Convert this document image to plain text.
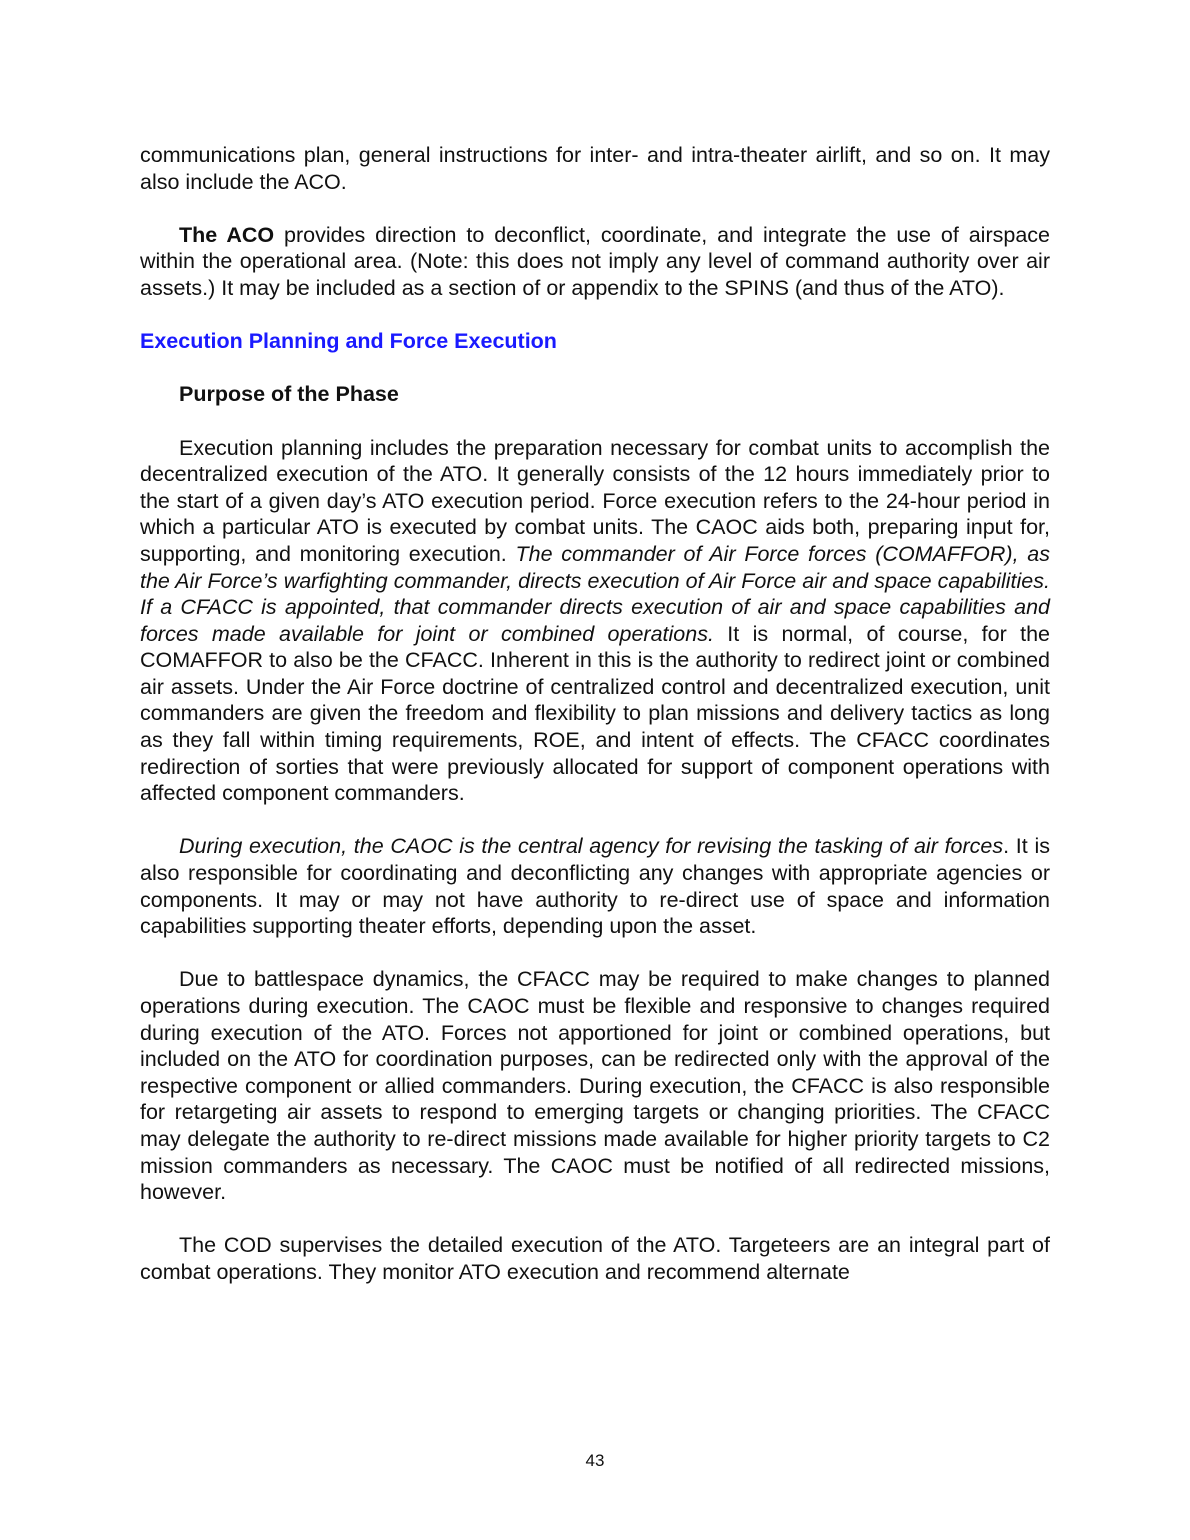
communications plan, general instructions for inter- and intra-theater airlift, and so on. It may also include the ACO.

The ACO provides direction to deconflict, coordinate, and integrate the use of airspace within the operational area. (Note: this does not imply any level of command authority over air assets.) It may be included as a section of or appendix to the SPINS (and thus of the ATO).

Execution Planning and Force Execution
Purpose of the Phase

Execution planning includes the preparation necessary for combat units to accomplish the decentralized execution of the ATO. It generally consists of the 12 hours immediately prior to the start of a given day’s ATO execution period. Force execution refers to the 24-hour period in which a particular ATO is executed by combat units. The CAOC aids both, preparing input for, supporting, and monitoring execution. The commander of Air Force forces (COMAFFOR), as the Air Force’s warfighting commander, directs execution of Air Force air and space capabilities. If a CFACC is appointed, that commander directs execution of air and space capabilities and forces made available for joint or combined operations. It is normal, of course, for the COMAFFOR to also be the CFACC. Inherent in this is the authority to redirect joint or combined air assets. Under the Air Force doctrine of centralized control and decentralized execution, unit commanders are given the freedom and flexibility to plan missions and delivery tactics as long as they fall within timing requirements, ROE, and intent of effects. The CFACC coordinates redirection of sorties that were previously allocated for support of component operations with affected component commanders.

During execution, the CAOC is the central agency for revising the tasking of air forces. It is also responsible for coordinating and deconflicting any changes with appropriate agencies or components. It may or may not have authority to re-direct use of space and information capabilities supporting theater efforts, depending upon the asset.

Due to battlespace dynamics, the CFACC may be required to make changes to planned operations during execution. The CAOC must be flexible and responsive to changes required during execution of the ATO. Forces not apportioned for joint or combined operations, but included on the ATO for coordination purposes, can be redirected only with the approval of the respective component or allied commanders. During execution, the CFACC is also responsible for retargeting air assets to respond to emerging targets or changing priorities. The CFACC may delegate the authority to re-direct missions made available for higher priority targets to C2 mission commanders as necessary. The CAOC must be notified of all redirected missions, however.

The COD supervises the detailed execution of the ATO. Targeteers are an integral part of combat operations. They monitor ATO execution and recommend alternate

43
